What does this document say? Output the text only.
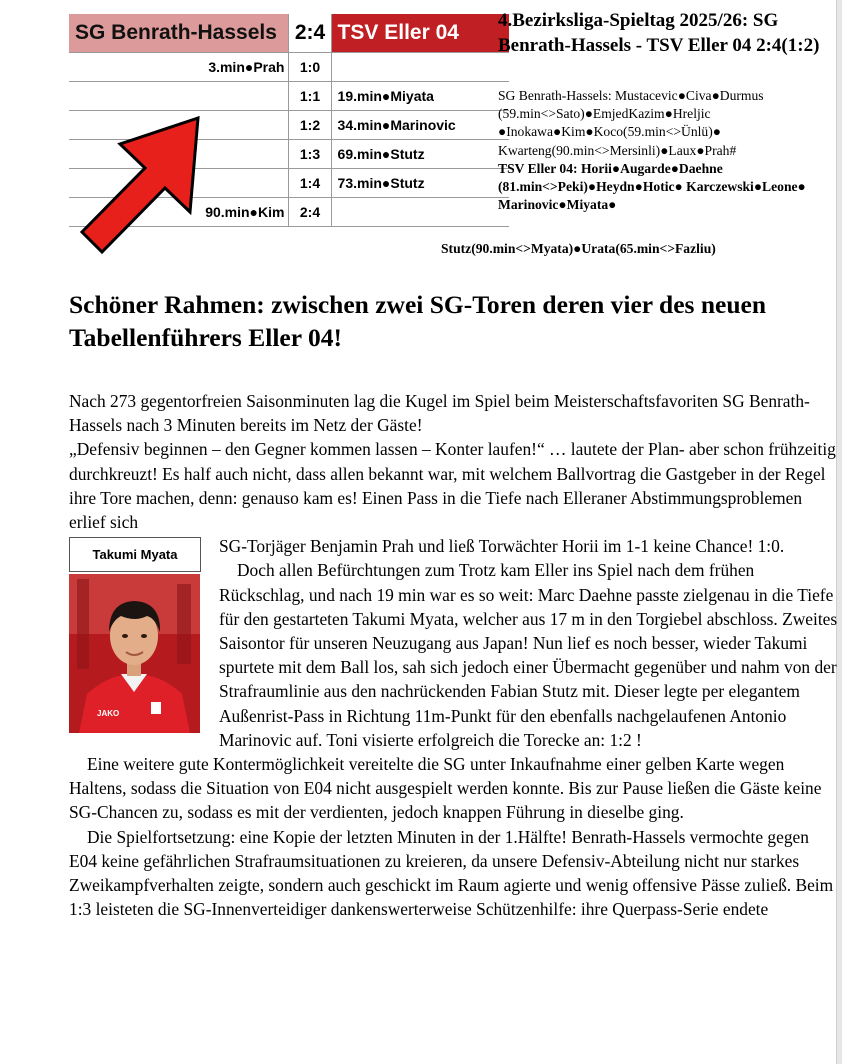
SG Benrath-Hassels	2:4	TSV Eller 04
3.min●Prah	1:0	
	1:1	19.min●Miyata
	1:2	34.min●Marinovic
	1:3	69.min●Stutz
	1:4	73.min●Stutz
90.min●Kim	2:4	
4.Bezirksliga-Spieltag 2025/26: SG Benrath-Hassels - TSV Eller 04 2:4(1:2)
SG Benrath-Hassels: Mustacevic●Civa●Durmus (59.min<>Sato)●EmjedKazim●Hreljic ●Inokawa●Kim●Koco(59.min<>Ünlü)● Kwarteng(90.min<>Mersinli)●Laux●Prah#
TSV Eller 04: Horii●Augarde●Daehne (81.min<>Peki)●Heydn●Hotic● Karczewski●Leone● Marinovic●Miyata●
Stutz(90.min<>Myata)●Urata(65.min<>Fazliu)
Schöner Rahmen: zwischen zwei SG-Toren deren vier des neuen Tabellenführers Eller 04!

Nach 273 gegentorfreien Saisonminuten lag die Kugel im Spiel beim Meisterschaftsfavoriten SG Benrath-Hassels nach 3 Minuten bereits im Netz der Gäste!

„Defensiv beginnen – den Gegner kommen lassen – Konter laufen!“ … lautete der Plan- aber schon frühzeitig durchkreuzt! Es half auch nicht, dass allen bekannt war, mit welchem Ballvortrag die Gastgeber in der Regel ihre Tore machen, denn: genauso kam es! Einen Pass in die Tiefe nach Elleraner Abstimmungsproblemen erlief sich

Takumi Myata
JAKO

SG-Torjäger Benjamin Prah und ließ Torwächter Horii im 1-1 keine Chance! 1:0.

Doch allen Befürchtungen zum Trotz kam Eller ins Spiel nach dem frühen Rückschlag, und nach 19 min war es so weit: Marc Daehne passte zielgenau in die Tiefe für den gestarteten Takumi Myata, welcher aus 17 m in den Torgiebel abschloss. Zweites Saisontor für unseren Neuzugang aus Japan! Nun lief es noch besser, wieder Takumi spurtete mit dem Ball los, sah sich jedoch einer Übermacht gegenüber und nahm von der Strafraumlinie aus den nachrückenden Fabian Stutz mit. Dieser legte per elegantem Außenrist-Pass in Richtung 11m-Punkt für den ebenfalls nachgelaufenen Antonio Marinovic auf. Toni visierte erfolgreich die Torecke an: 1:2 !

Eine weitere gute Kontermöglichkeit vereitelte die SG unter Inkaufnahme einer gelben Karte wegen Haltens, sodass die Situation von E04 nicht ausgespielt werden konnte. Bis zur Pause ließen die Gäste keine SG-Chancen zu, sodass es mit der verdienten, jedoch knappen Führung in dieselbe ging.

Die Spielfortsetzung: eine Kopie der letzten Minuten in der 1.Hälfte! Benrath-Hassels vermochte gegen E04 keine gefährlichen Strafraumsituationen zu kreieren, da unsere Defensiv-Abteilung nicht nur starkes Zweikampfverhalten zeigte, sondern auch geschickt im Raum agierte und wenig offensive Pässe zuließ. Beim 1:3 leisteten die SG-Innenverteidiger dankenswerterweise Schützenhilfe: ihre Querpass-Serie endete
